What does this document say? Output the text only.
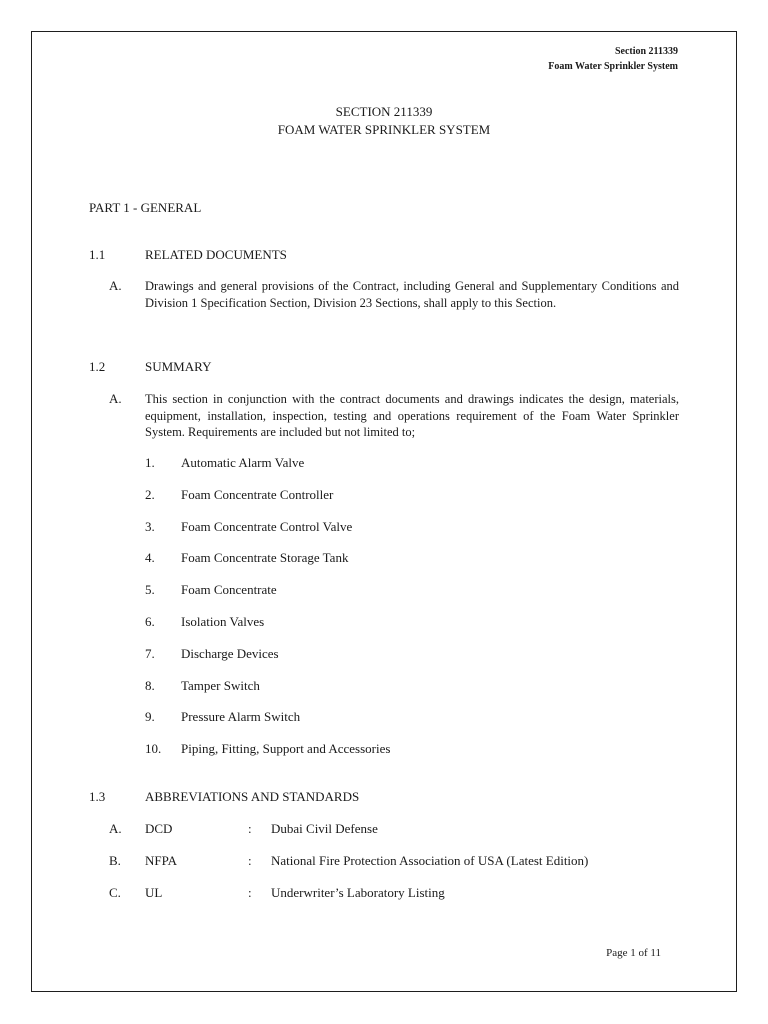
Section 211339
Foam Water Sprinkler System
SECTION 211339
FOAM WATER SPRINKLER SYSTEM
PART 1 - GENERAL
1.1	RELATED DOCUMENTS
A. Drawings and general provisions of the Contract, including General and Supplementary Conditions and Division 1 Specification Section, Division 23 Sections, shall apply to this Section.
1.2	SUMMARY
A. This section in conjunction with the contract documents and drawings indicates the design, materials, equipment, installation, inspection, testing and operations requirement of the Foam Water Sprinkler System. Requirements are included but not limited to;
1. Automatic Alarm Valve
2. Foam Concentrate Controller
3. Foam Concentrate Control Valve
4. Foam Concentrate Storage Tank
5. Foam Concentrate
6. Isolation Valves
7. Discharge Devices
8. Tamper Switch
9. Pressure Alarm Switch
10. Piping, Fitting, Support and Accessories
1.3	ABBREVIATIONS AND STANDARDS
A. DCD	: Dubai Civil Defense
B. NFPA	: National Fire Protection Association of USA (Latest Edition)
C. UL	: Underwriter’s Laboratory Listing
Page 1 of 11
